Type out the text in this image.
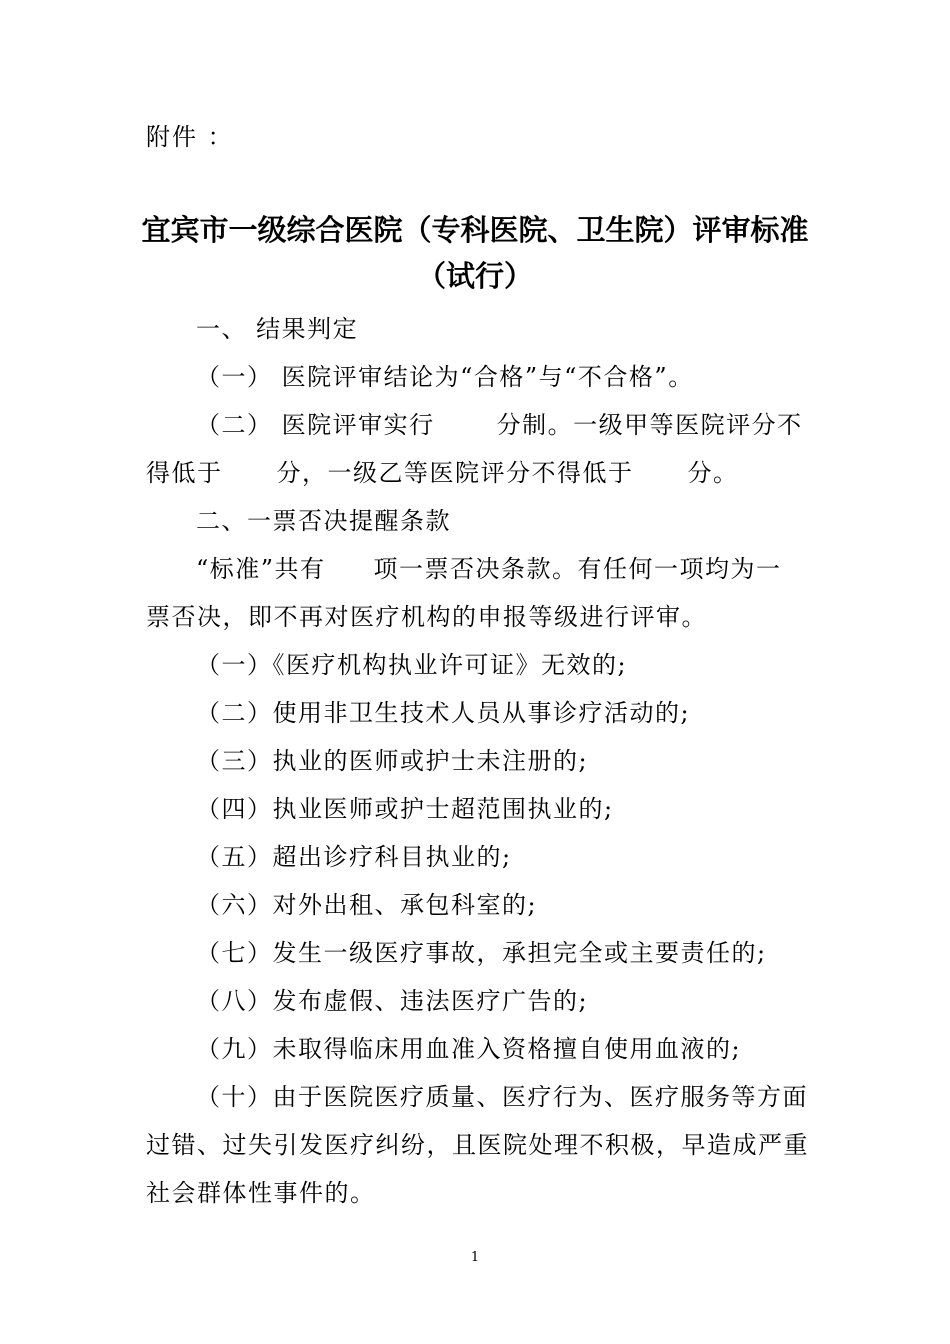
附件 ：
宜宾市一级综合医院（专科医院、卫生院）评审标准
（试行）
一、 结果判定
（一） 医院评审结论为“合格”与“不合格”。
（二） 医院评审实行	分制。一级甲等医院评分不
得低于 分，一级乙等医院评分不得低于 分。
二、一票否决提醒条款
“标准”共有 项一票否决条款。有任何一项均为一
票否决，即不再对医疗机构的申报等级进行评审。
（一）《医疗机构执业许可证》无效的;
（二）使用非卫生技术人员从事诊疗活动的;
（三）执业的医师或护士未注册的;
（四）执业医师或护士超范围执业的;
（五）超出诊疗科目执业的;
（六）对外出租、承包科室的;
（七）发生一级医疗事故，承担完全或主要责任的;
（八）发布虚假、违法医疗广告的;
（九）未取得临床用血准入资格擅自使用血液的;
（十）由于医院医疗质量、医疗行为、医疗服务等方面
过错、过失引发医疗纠纷，且医院处理不积极，早造成严重
社会群体性事件的。
1
